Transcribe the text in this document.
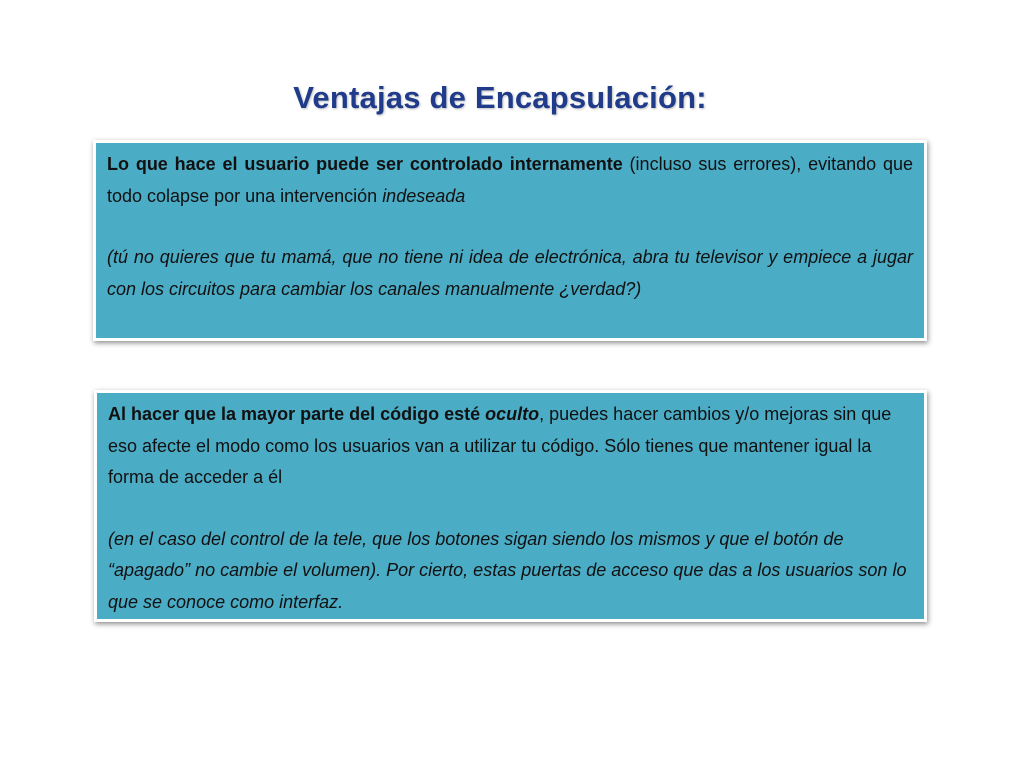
Ventajas de Encapsulación:

Lo que hace el usuario puede ser controlado internamente (incluso sus errores), evitando que todo colapse por una intervención indeseada

(tú no quieres que tu mamá, que no tiene ni idea de electrónica, abra tu televisor y empiece a jugar con los circuitos para cambiar los canales manualmente ¿verdad?)

Al hacer que la mayor parte del código esté oculto, puedes hacer cambios y/o mejoras sin que eso afecte el modo como los usuarios van a utilizar tu código. Sólo tienes que mantener igual la forma de acceder a él

(en el caso del control de la tele, que los botones sigan siendo los mismos y que el botón de “apagado” no cambie el volumen). Por cierto, estas puertas de acceso que das a los usuarios son lo que se conoce como interfaz.
